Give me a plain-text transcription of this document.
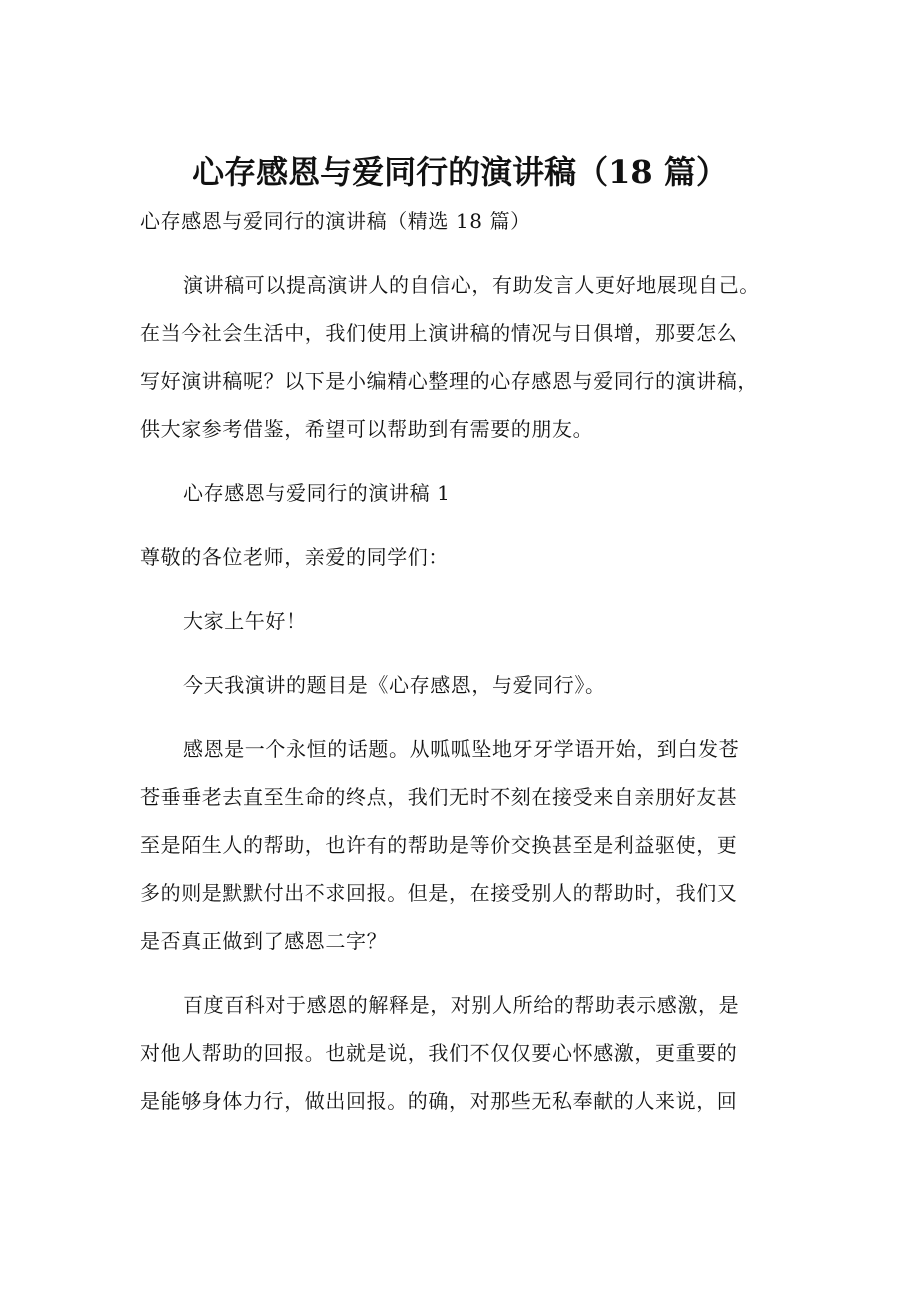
心存感恩与爱同行的演讲稿（18 篇）
心存感恩与爱同行的演讲稿（精选 18 篇）
演讲稿可以提高演讲人的自信心，有助发言人更好地展现自己。
在当今社会生活中，我们使用上演讲稿的情况与日俱增，那要怎么
写好演讲稿呢？以下是小编精心整理的心存感恩与爱同行的演讲稿，
供大家参考借鉴，希望可以帮助到有需要的朋友。
心存感恩与爱同行的演讲稿 1
尊敬的各位老师，亲爱的同学们：
大家上午好！
今天我演讲的题目是《心存感恩，与爱同行》。
感恩是一个永恒的话题。从呱呱坠地牙牙学语开始，到白发苍
苍垂垂老去直至生命的终点，我们无时不刻在接受来自亲朋好友甚
至是陌生人的帮助，也许有的帮助是等价交换甚至是利益驱使，更
多的则是默默付出不求回报。但是，在接受别人的帮助时，我们又
是否真正做到了感恩二字？
百度百科对于感恩的解释是，对别人所给的帮助表示感激，是
对他人帮助的回报。也就是说，我们不仅仅要心怀感激，更重要的
是能够身体力行，做出回报。的确，对那些无私奉献的人来说，回
